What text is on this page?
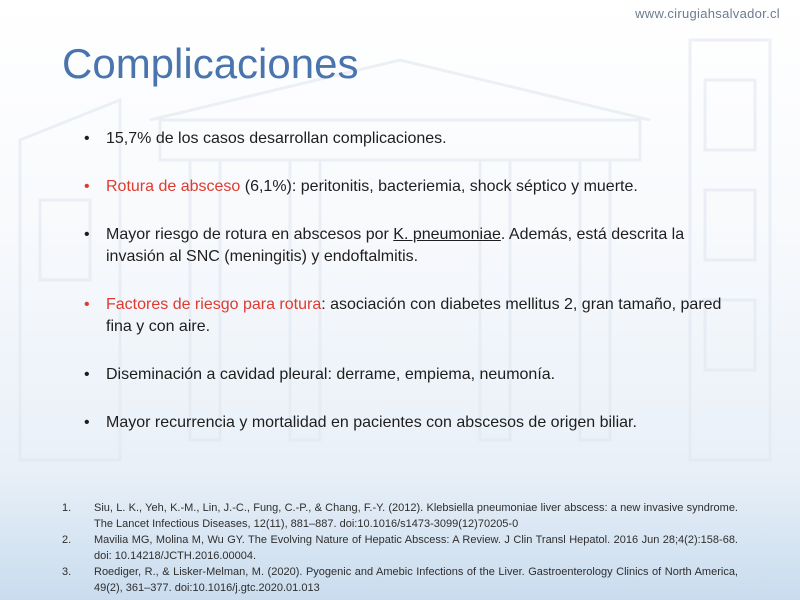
www.cirugiahsalvador.cl
Complicaciones
• 15,7% de los casos desarrollan complicaciones.
• Rotura de absceso (6,1%): peritonitis, bacteriemia, shock séptico y muerte.
• Mayor riesgo de rotura en abscesos por K. pneumoniae. Además, está descrita la invasión al SNC (meningitis) y endoftalmitis.
• Factores de riesgo para rotura: asociación con diabetes mellitus 2, gran tamaño, pared fina y con aire.
• Diseminación a cavidad pleural: derrame, empiema, neumonía.
• Mayor recurrencia y mortalidad en pacientes con abscesos de origen biliar.
1. Siu, L. K., Yeh, K.-M., Lin, J.-C., Fung, C.-P., & Chang, F.-Y. (2012). Klebsiella pneumoniae liver abscess: a new invasive syndrome. The Lancet Infectious Diseases, 12(11), 881–887. doi:10.1016/s1473-3099(12)70205-0
2. Mavilia MG, Molina M, Wu GY. The Evolving Nature of Hepatic Abscess: A Review. J Clin Transl Hepatol. 2016 Jun 28;4(2):158-68. doi: 10.14218/JCTH.2016.00004.
3. Roediger, R., & Lisker-Melman, M. (2020). Pyogenic and Amebic Infections of the Liver. Gastroenterology Clinics of North America, 49(2), 361–377. doi:10.1016/j.gtc.2020.01.013
